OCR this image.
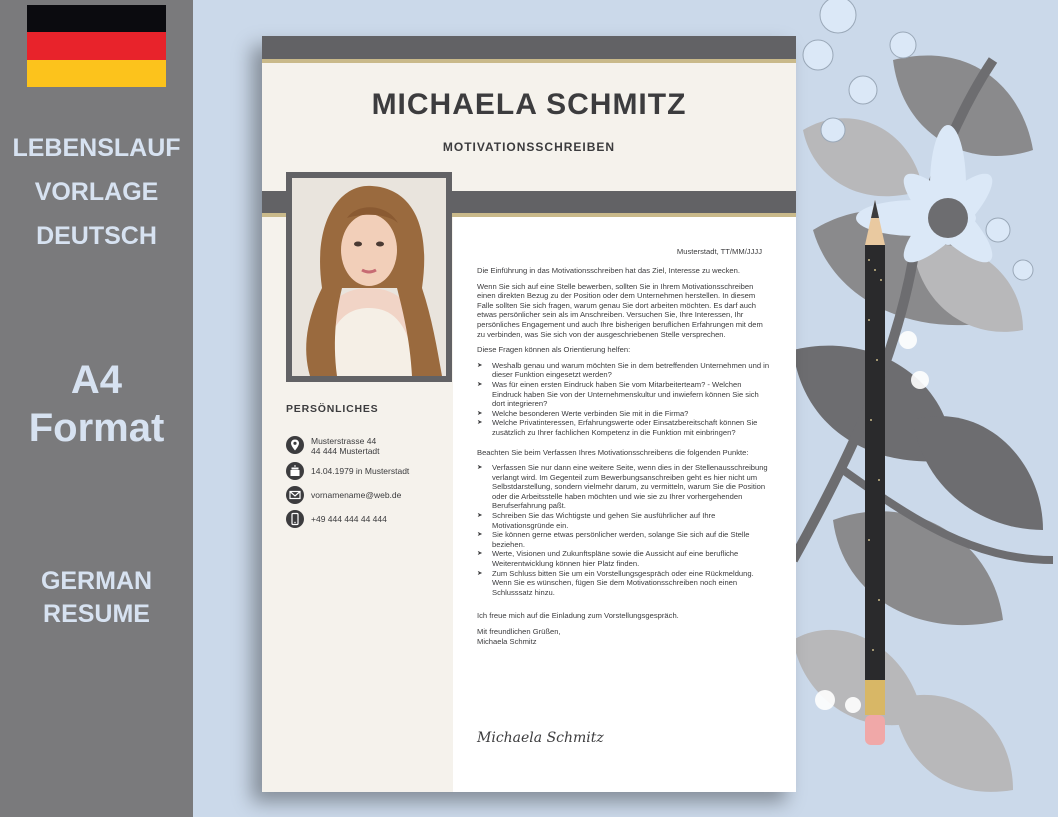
LEBENSLAUF
VORLAGE
DEUTSCH
A4
Format
GERMAN
RESUME
MICHAELA SCHMITZ
MOTIVATIONSSCHREIBEN
PERSÖNLICHES
Musterstrasse 44
44 444 Mustertadt
14.04.1979 in Musterstadt
vornamename@web.de
+49 444 444 44 444
Musterstadt, TT/MM/JJJJ

Die Einführung in das Motivationsschreiben hat das Ziel, Interesse zu wecken.

Wenn Sie sich auf eine Stelle bewerben, sollten Sie in Ihrem Motivationsschreiben einen direkten Bezug zu der Position oder dem Unternehmen herstellen. In diesem Falle sollten Sie sich fragen, warum genau Sie dort arbeiten möchten. Es darf auch etwas persönlicher sein als im Anschreiben. Versuchen Sie, Ihre Interessen, Ihr persönliches Engagement und auch Ihre bisherigen beruflichen Erfahrungen mit dem zu verbinden, was Sie sich von der ausgeschriebenen Stelle versprechen.

Diese Fragen können als Orientierung helfen:

➤ Weshalb genau und warum möchten Sie in dem betreffenden Unternehmen und in dieser Funktion eingesetzt werden?
➤ Was für einen ersten Eindruck haben Sie vom Mitarbeiterteam? - Welchen Eindruck haben Sie von der Unternehmenskultur und inwiefern können Sie sich dort integrieren?
➤ Welche besonderen Werte verbinden Sie mit in die Firma?
➤ Welche Privatinteressen, Erfahrungswerte oder Einsatzbereitschaft können Sie zusätzlich zu Ihrer fachlichen Kompetenz in die Funktion mit einbringen?

Beachten Sie beim Verfassen Ihres Motivationsschreibens die folgenden Punkte:

➤ Verfassen Sie nur dann eine weitere Seite, wenn dies in der Stellenausschreibung verlangt wird. Im Gegenteil zum Bewerbungsanschreiben geht es hier nicht um Selbstdarstellung, sondern vielmehr darum, zu vermitteln, warum Sie die Position oder die Arbeitsstelle haben möchten und wie sie zu Ihrer vorhergehenden Berufserfahrung paßt.
➤ Schreiben Sie das Wichtigste und gehen Sie ausführlicher auf Ihre Motivationsgründe ein.
➤ Sie können gerne etwas persönlicher werden, solange Sie sich auf die Stelle beziehen.
➤ Werte, Visionen und Zukunftspläne sowie die Aussicht auf eine berufliche Weiterentwicklung können hier Platz finden.
➤ Zum Schluss bitten Sie um ein Vorstellungsgespräch oder eine Rückmeldung. Wenn Sie es wünschen, fügen Sie dem Motivationsschreiben noch einen Schlusssatz hinzu.

Ich freue mich auf die Einladung zum Vorstellungsgespräch.

Mit freundlichen Grüßen,

Michaela Schmitz

Michaela Schmitz
